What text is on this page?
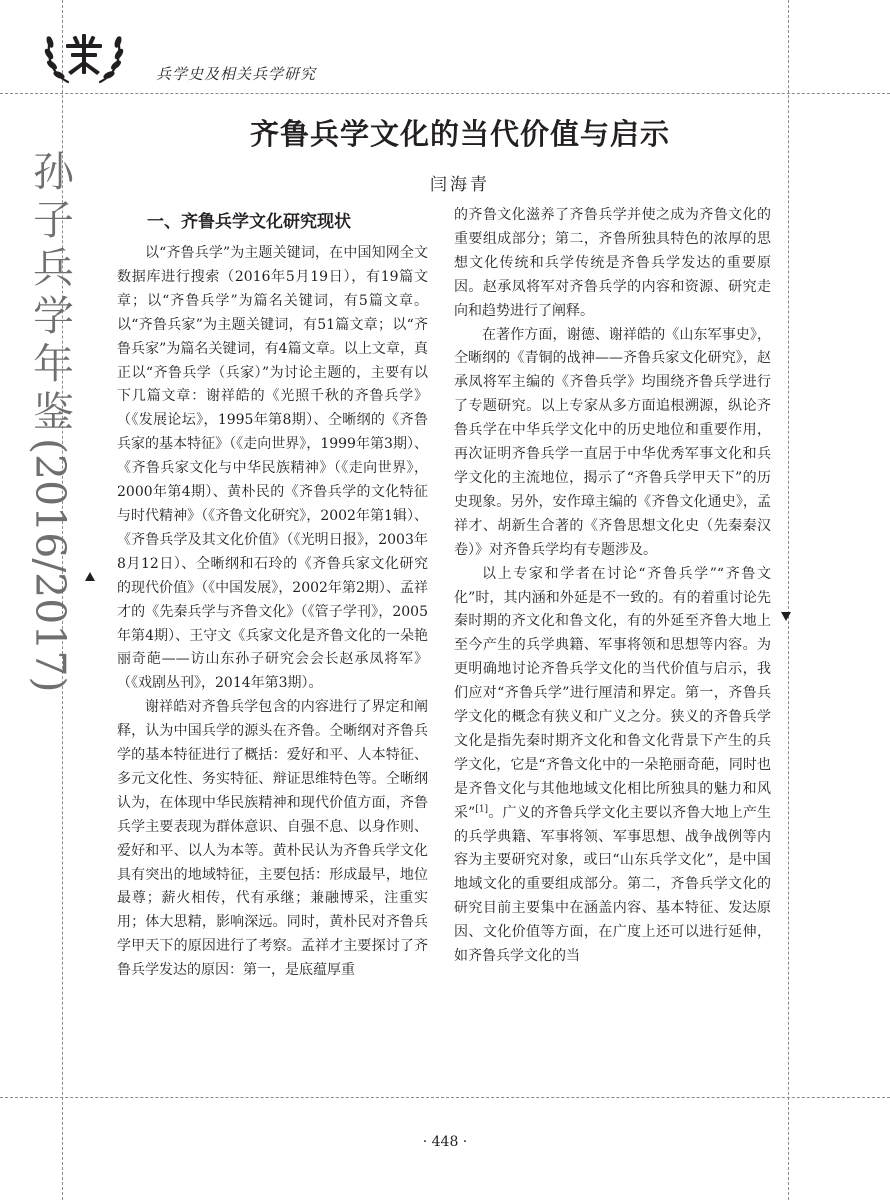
兵学史及相关兵学研究
孙子兵学年鉴(2016/2017)
齐鲁兵学文化的当代价值与启示
闫海青
一、齐鲁兵学文化研究现状

以“齐鲁兵学”为主题关键词，在中国知网全文数据库进行搜索（2016年5月19日），有19篇文章；以“齐鲁兵学”为篇名关键词，有5篇文章。以“齐鲁兵家”为主题关键词，有51篇文章；以“齐鲁兵家”为篇名关键词，有4篇文章。以上文章，真正以“齐鲁兵学（兵家）”为讨论主题的，主要有以下几篇文章：谢祥皓的《光照千秋的齐鲁兵学》（《发展论坛》，1995年第8期）、仝晰纲的《齐鲁兵家的基本特征》（《走向世界》，1999年第3期）、《齐鲁兵家文化与中华民族精神》（《走向世界》，2000年第4期）、黄朴民的《齐鲁兵学的文化特征与时代精神》（《齐鲁文化研究》，2002年第1辑）、《齐鲁兵学及其文化价值》（《光明日报》，2003年8月12日）、仝晰纲和石玲的《齐鲁兵家文化研究的现代价值》（《中国发展》，2002年第2期）、孟祥才的《先秦兵学与齐鲁文化》（《管子学刊》，2005年第4期）、王守文《兵家文化是齐鲁文化的一朵艳丽奇葩——访山东孙子研究会会长赵承凤将军》（《戏剧丛刊》，2014年第3期）。

谢祥皓对齐鲁兵学包含的内容进行了界定和阐释，认为中国兵学的源头在齐鲁。仝晰纲对齐鲁兵学的基本特征进行了概括：爱好和平、人本特征、多元文化性、务实特征、辩证思维特色等。仝晰纲认为，在体现中华民族精神和现代价值方面，齐鲁兵学主要表现为群体意识、自强不息、以身作则、爱好和平、以人为本等。黄朴民认为齐鲁兵学文化具有突出的地域特征，主要包括：形成最早，地位最尊；薪火相传，代有承继；兼融博采，注重实用；体大思精，影响深远。同时，黄朴民对齐鲁兵学甲天下的原因进行了考察。孟祥才主要探讨了齐鲁兵学发达的原因：第一，是底蕴厚重

的齐鲁文化滋养了齐鲁兵学并使之成为齐鲁文化的重要组成部分；第二，齐鲁所独具特色的浓厚的思想文化传统和兵学传统是齐鲁兵学发达的重要原因。赵承凤将军对齐鲁兵学的内容和资源、研究走向和趋势进行了阐释。

在著作方面，谢德、谢祥皓的《山东军事史》，仝晰纲的《青铜的战神——齐鲁兵家文化研究》，赵承凤将军主编的《齐鲁兵学》均围绕齐鲁兵学进行了专题研究。以上专家从多方面追根溯源，纵论齐鲁兵学在中华兵学文化中的历史地位和重要作用，再次证明齐鲁兵学一直居于中华优秀军事文化和兵学文化的主流地位，揭示了“齐鲁兵学甲天下”的历史现象。另外，安作璋主编的《齐鲁文化通史》，孟祥才、胡新生合著的《齐鲁思想文化史（先秦秦汉卷）》对齐鲁兵学均有专题涉及。

以上专家和学者在讨论“齐鲁兵学”“齐鲁文化”时，其内涵和外延是不一致的。有的着重讨论先秦时期的齐文化和鲁文化，有的外延至齐鲁大地上至今产生的兵学典籍、军事将领和思想等内容。为更明确地讨论齐鲁兵学文化的当代价值与启示，我们应对“齐鲁兵学”进行厘清和界定。第一，齐鲁兵学文化的概念有狭义和广义之分。狭义的齐鲁兵学文化是指先秦时期齐文化和鲁文化背景下产生的兵学文化，它是“齐鲁文化中的一朵艳丽奇葩，同时也是齐鲁文化与其他地域文化相比所独具的魅力和风采”[1]。广义的齐鲁兵学文化主要以齐鲁大地上产生的兵学典籍、军事将领、军事思想、战争战例等内容为主要研究对象，或曰“山东兵学文化”，是中国地域文化的重要组成部分。第二，齐鲁兵学文化的研究目前主要集中在涵盖内容、基本特征、发达原因、文化价值等方面，在广度上还可以进行延伸，如齐鲁兵学文化的当

· 448 ·
